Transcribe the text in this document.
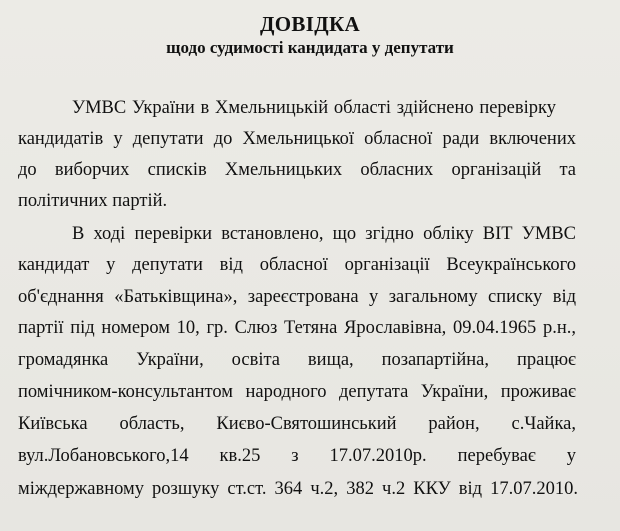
ДОВІДКА
щодо судимості кандидата у депутати
УМВС України в Хмельницькій області здійснено перевірку
кандидатів у депутати до Хмельницької обласної ради включених
до виборчих списків Хмельницьких обласних організацій та
політичних партій.
В ході перевірки встановлено, що згідно обліку ВІТ УМВС
кандидат у депутати від обласної організації Всеукраїнського
об'єднання «Батьківщина», зареєстрована у загальному списку від
партії під номером 10, гр. Слюз Тетяна Ярославівна, 09.04.1965 р.н.,
громадянка України, освіта вища, позапартійна, працює
помічником-консультантом народного депутата України, проживає
Київська область, Києво-Святошинський район, с.Чайка,
вул.Лобановського,14 кв.25 з 17.07.2010р. перебуває у
міждержавному розшуку ст.ст. 364 ч.2, 382 ч.2 ККУ від 17.07.2010.
